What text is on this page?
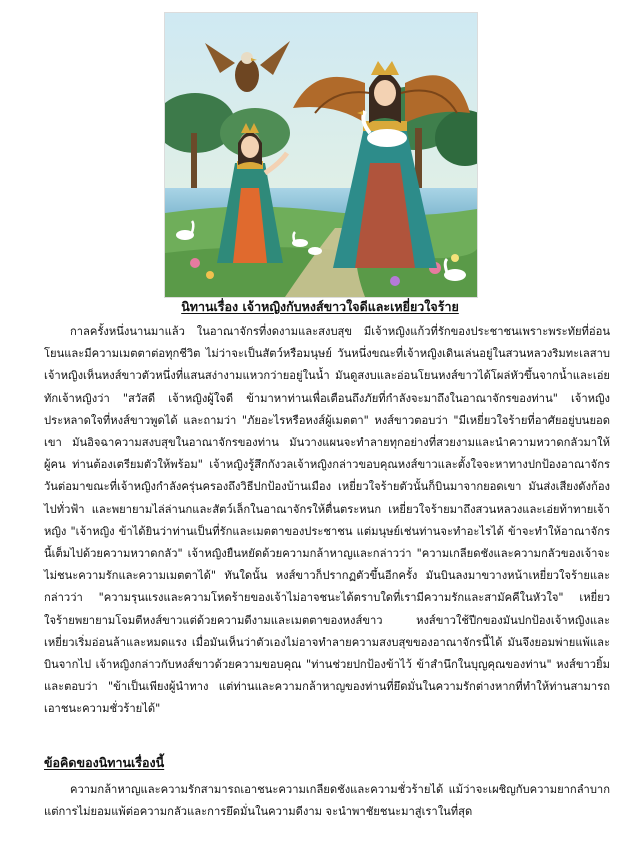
นิทานเรื่อง เจ้าหญิงกับหงส์ขาวใจดีและเหยี่ยวใจร้าย

กาลครั้งหนึ่งนานมาแล้ว ในอาณาจักรที่งดงามและสงบสุข มีเจ้าหญิงแก้วที่รักของประชาชนเพราะพระทัยที่อ่อนโยนและมีความเมตตาต่อทุกชีวิต ไม่ว่าจะเป็นสัตว์หรือมนุษย์ วันหนึ่งขณะที่เจ้าหญิงเดินเล่นอยู่ในสวนหลวงริมทะเลสาบ เจ้าหญิงเห็นหงส์ขาวตัวหนึ่งที่แสนสง่างามแหวกว่ายอยู่ในน้ำ มันดูสงบและอ่อนโยนหงส์ขาวได้โผล่หัวขึ้นจากน้ำและเอ่ยทักเจ้าหญิงว่า "สวัสดี เจ้าหญิงผู้ใจดี ข้ามาหาท่านเพื่อเตือนถึงภัยที่กำลังจะมาถึงในอาณาจักรของท่าน" เจ้าหญิงประหลาดใจที่หงส์ขาวพูดได้ และถามว่า "ภัยอะไรหรือหงส์ผู้เมตตา" หงส์ขาวตอบว่า "มีเหยี่ยวใจร้ายที่อาศัยอยู่บนยอดเขา มันอิจฉาความสงบสุขในอาณาจักรของท่าน มันวางแผนจะทำลายทุกอย่างที่สวยงามและนำความหวาดกลัวมาให้ผู้คน ท่านต้องเตรียมตัวให้พร้อม" เจ้าหญิงรู้สึกกังวลเจ้าหญิงกล่าวขอบคุณหงส์ขาวและตั้งใจจะหาทางปกป้องอาณาจักร วันต่อมาขณะที่เจ้าหญิงกำลังครุ่นครองถึงวิธีปกป้องบ้านเมือง เหยี่ยวใจร้ายตัวนั้นก็บินมาจากยอดเขา มันส่งเสียงดังก้องไปทั่วฟ้า และพยายามไล่ล่านกและสัตว์เล็กในอาณาจักรให้ตื่นตระหนก เหยี่ยวใจร้ายมาถึงสวนหลวงและเอ่ยท้าทายเจ้าหญิง "เจ้าหญิง ข้าได้ยินว่าท่านเป็นที่รักและเมตตาของประชาชน แต่มนุษย์เช่นท่านจะทำอะไรได้ ข้าจะทำให้อาณาจักรนี้เต็มไปด้วยความหวาดกลัว" เจ้าหญิงยืนหยัดด้วยความกล้าหาญและกล่าวว่า "ความเกลียดชังและความกลัวของเจ้าจะไม่ชนะความรักและความเมตตาได้" ทันใดนั้น หงส์ขาวก็ปรากฏตัวขึ้นอีกครั้ง มันบินลงมาขวางหน้าเหยี่ยวใจร้ายและกล่าวว่า "ความรุนแรงและความโหดร้ายของเจ้าไม่อาจชนะได้ตราบใดที่เรามีความรักและสามัคคีในหัวใจ" เหยี่ยวใจร้ายพยายามโจมตีหงส์ขาวแต่ด้วยความดีงามและเมตตาของหงส์ขาว หงส์ขาวใช้ปีกของมันปกป้องเจ้าหญิงและ เหยี่ยวเริ่มอ่อนล้าและหมดแรง เมื่อมันเห็นว่าตัวเองไม่อาจทำลายความสงบสุขของอาณาจักรนี้ได้ มันจึงยอมพ่ายแพ้และบินจากไป เจ้าหญิงกล่าวกับหงส์ขาวด้วยความขอบคุณ "ท่านช่วยปกป้องข้าไว้ ข้าสำนึกในบุญคุณของท่าน" หงส์ขาวยิ้มและตอบว่า "ข้าเป็นเพียงผู้นำทาง แต่ท่านและความกล้าหาญของท่านที่ยึดมั่นในความรักต่างหากที่ทำให้ท่านสามารถเอาชนะความชั่วร้ายได้"

ข้อคิดของนิทานเรื่องนี้

ความกล้าหาญและความรักสามารถเอาชนะความเกลียดชังและความชั่วร้ายได้ แม้ว่าจะเผชิญกับความยากลำบาก แต่การไม่ยอมแพ้ต่อความกลัวและการยึดมั่นในความดีงาม จะนำพาชัยชนะมาสู่เราในที่สุด
